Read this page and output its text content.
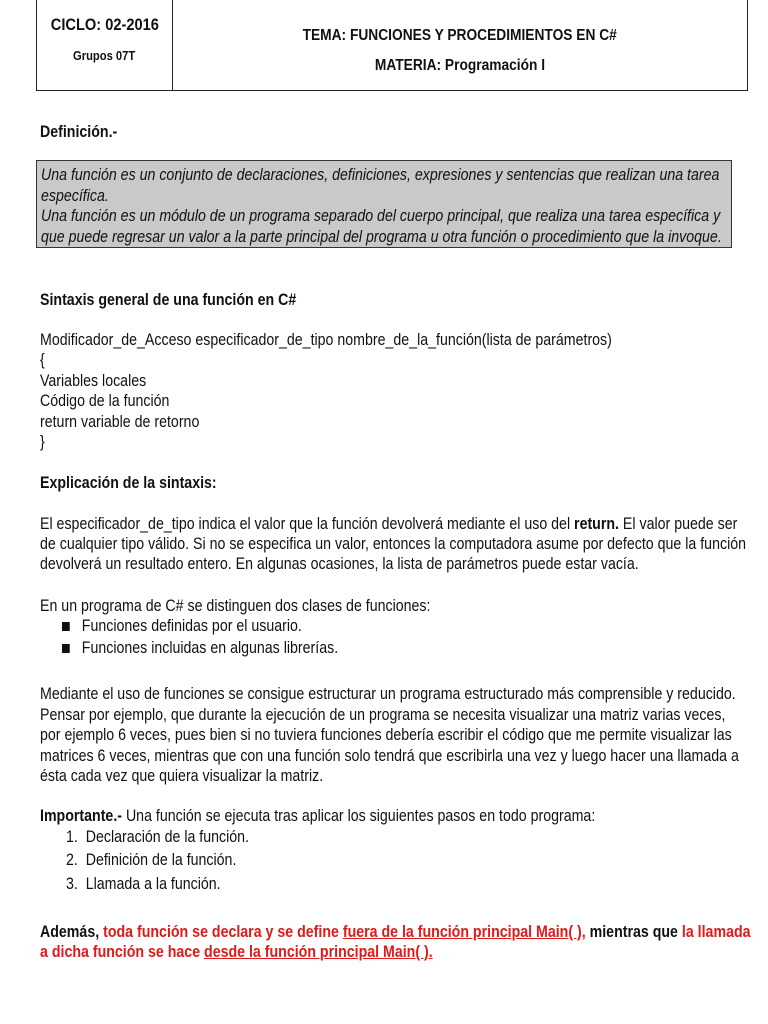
CICLO: 02-2016
Grupos 07T
TEMA: FUNCIONES Y PROCEDIMIENTOS EN C#
MATERIA: Programación I
Definición.-
Una función es un conjunto de declaraciones, definiciones, expresiones y sentencias que realizan una tarea
específica.
Una función es un módulo de un programa separado del cuerpo principal, que realiza una tarea específica y
que puede regresar un valor a la parte principal del programa u otra función o procedimiento que la invoque.
Sintaxis general de una función en C#
Modificador_de_Acceso especificador_de_tipo nombre_de_la_función(lista de parámetros)
{
Variables locales
Código de la función
return variable de retorno
}
Explicación de la sintaxis:
El especificador_de_tipo indica el valor que la función devolverá mediante el uso del return. El valor puede ser
de cualquier tipo válido. Si no se especifica un valor, entonces la computadora asume por defecto que la función
devolverá un resultado entero. En algunas ocasiones, la lista de parámetros puede estar vacía.
En un programa de C# se distinguen dos clases de funciones:
Funciones definidas por el usuario.
Funciones incluidas en algunas librerías.
Mediante el uso de funciones se consigue estructurar un programa estructurado más comprensible y reducido.
Pensar por ejemplo, que durante la ejecución de un programa se necesita visualizar una matriz varias veces,
por ejemplo 6 veces, pues bien si no tuviera funciones debería escribir el código que me permite visualizar las
matrices 6 veces, mientras que con una función solo tendrá que escribirla una vez y luego hacer una llamada a
ésta cada vez que quiera visualizar la matriz.
Importante.- Una función se ejecuta tras aplicar los siguientes pasos en todo programa:
1. Declaración de la función.
2. Definición de la función.
3. Llamada a la función.
Además, toda función se declara y se define fuera de la función principal Main( ), mientras que la llamada
a dicha función se hace desde la función principal Main( ).
